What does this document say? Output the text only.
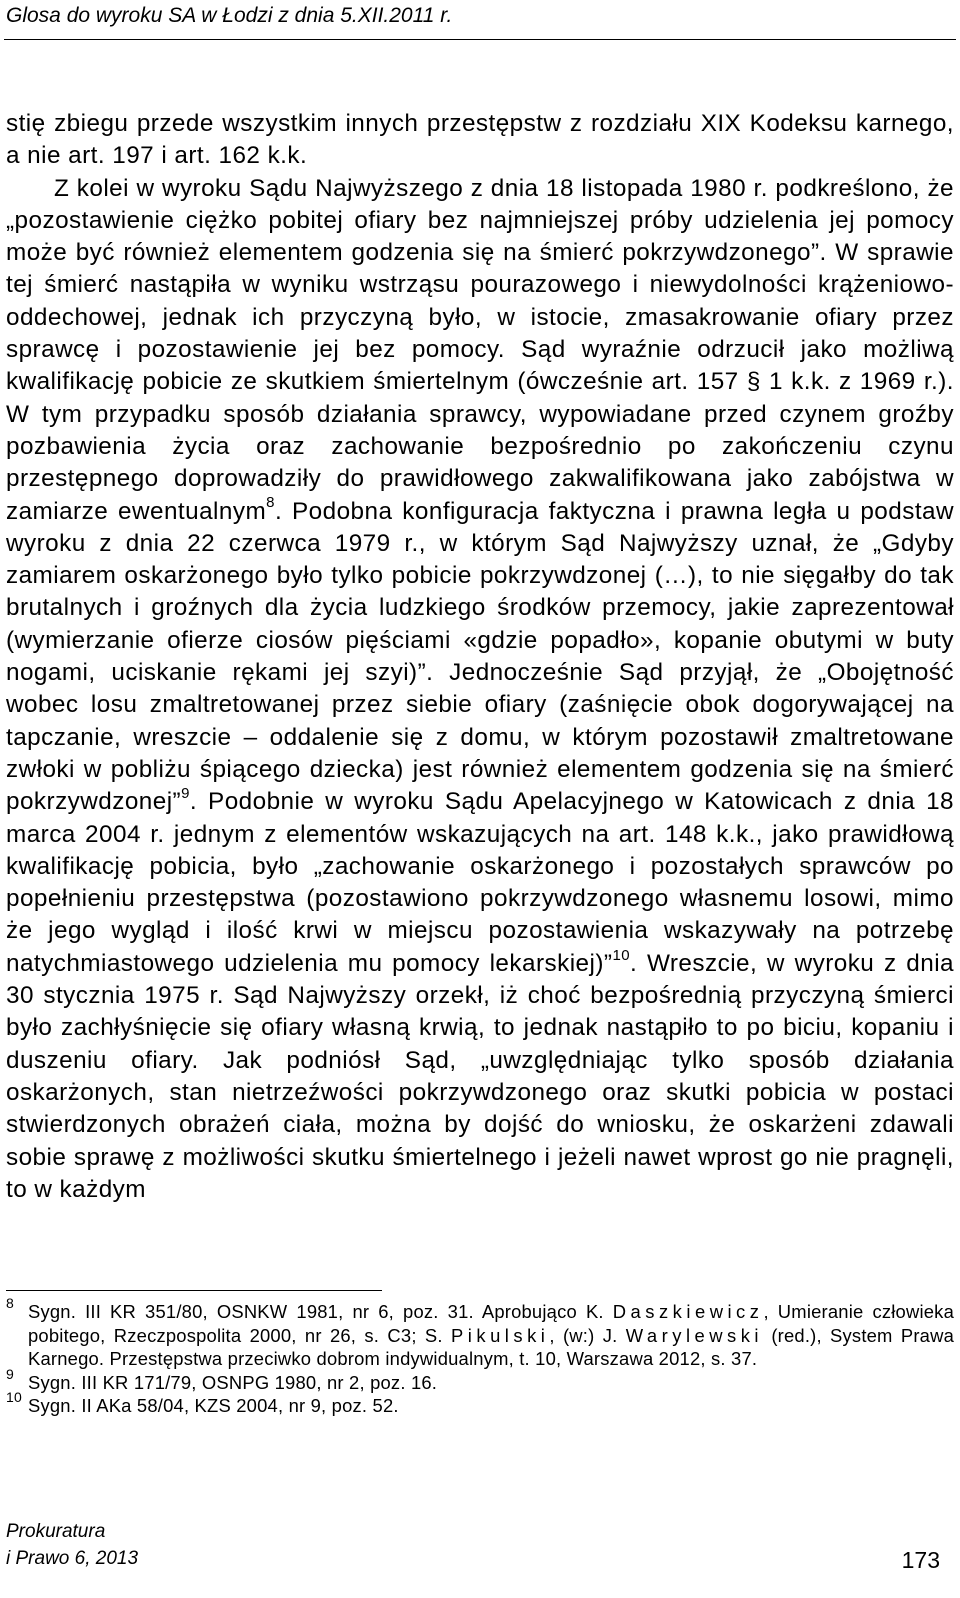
Glosa do wyroku SA w Łodzi z dnia 5.XII.2011 r.

stię zbiegu przede wszystkim innych przestępstw z rozdziału XIX Kodeksu karnego, a nie art. 197 i art. 162 k.k.

Z kolei w wyroku Sądu Najwyższego z dnia 18 listopada 1980 r. podkreślono, że „pozostawienie ciężko pobitej ofiary bez najmniejszej próby udzielenia jej pomocy może być również elementem godzenia się na śmierć pokrzywdzonego”. W sprawie tej śmierć nastąpiła w wyniku wstrząsu pourazowego i niewydolności krążeniowo-oddechowej, jednak ich przyczyną było, w istocie, zmasakrowanie ofiary przez sprawcę i pozostawienie jej bez pomocy. Sąd wyraźnie odrzucił jako możliwą kwalifikację pobicie ze skutkiem śmiertelnym (ówcześnie art. 157 § 1 k.k. z 1969 r.). W tym przypadku sposób działania sprawcy, wypowiadane przed czynem groźby pozbawienia życia oraz zachowanie bezpośrednio po zakończeniu czynu przestępnego doprowadziły do prawidłowego zakwalifikowana jako zabójstwa w zamiarze ewentualnym$^8$. Podobna konfiguracja faktyczna i prawna legła u podstaw wyroku z dnia 22 czerwca 1979 r., w którym Sąd Najwyższy uznał, że „Gdyby zamiarem oskarżonego było tylko pobicie pokrzywdzonej (…), to nie sięgałby do tak brutalnych i groźnych dla życia ludzkiego środków przemocy, jakie zaprezentował (wymierzanie ofierze ciosów pięściami «gdzie popadło», kopanie obutymi w buty nogami, uciskanie rękami jej szyi)”. Jednocześnie Sąd przyjął, że „Obojętność wobec losu zmaltretowanej przez siebie ofiary (zaśnięcie obok dogorywającej na tapczanie, wreszcie – oddalenie się z domu, w którym pozostawił zmaltretowane zwłoki w pobliżu śpiącego dziecka) jest również elementem godzenia się na śmierć pokrzywdzonej”$^9$. Podobnie w wyroku Sądu Apelacyjnego w Katowicach z dnia 18 marca 2004 r. jednym z elementów wskazujących na art. 148 k.k., jako prawidłową kwalifikację pobicia, było „zachowanie oskarżonego i pozostałych sprawców po popełnieniu przestępstwa (pozostawiono pokrzywdzonego własnemu losowi, mimo że jego wygląd i ilość krwi w miejscu pozostawienia wskazywały na potrzebę natychmiastowego udzielenia mu pomocy lekarskiej)”$^{10}$. Wreszcie, w wyroku z dnia 30 stycznia 1975 r. Sąd Najwyższy orzekł, iż choć bezpośrednią przyczyną śmierci było zachłyśnięcie się ofiary własną krwią, to jednak nastąpiło to po biciu, kopaniu i duszeniu ofiary. Jak podniósł Sąd, „uwzględniając tylko sposób działania oskarżonych, stan nietrzeźwości pokrzywdzonego oraz skutki pobicia w postaci stwierdzonych obrażeń ciała, można by dojść do wniosku, że oskarżeni zdawali sobie sprawę z możliwości skutku śmiertelnego i jeżeli nawet wprost go nie pragnęli, to w każdym

8 Sygn. III KR 351/80, OSNKW 1981, nr 6, poz. 31. Aprobująco K. Daszkiewicz, Umieranie człowieka pobitego, Rzeczpospolita 2000, nr 26, s. C3; S. Pikulski, (w:) J. Warylewski (red.), System Prawa Karnego. Przestępstwa przeciwko dobrom indywidualnym, t. 10, Warszawa 2012, s. 37.
9 Sygn. III KR 171/79, OSNPG 1980, nr 2, poz. 16.
10 Sygn. II AKa 58/04, KZS 2004, nr 9, poz. 52.
Prokuratura
i Prawo 6, 2013	173
